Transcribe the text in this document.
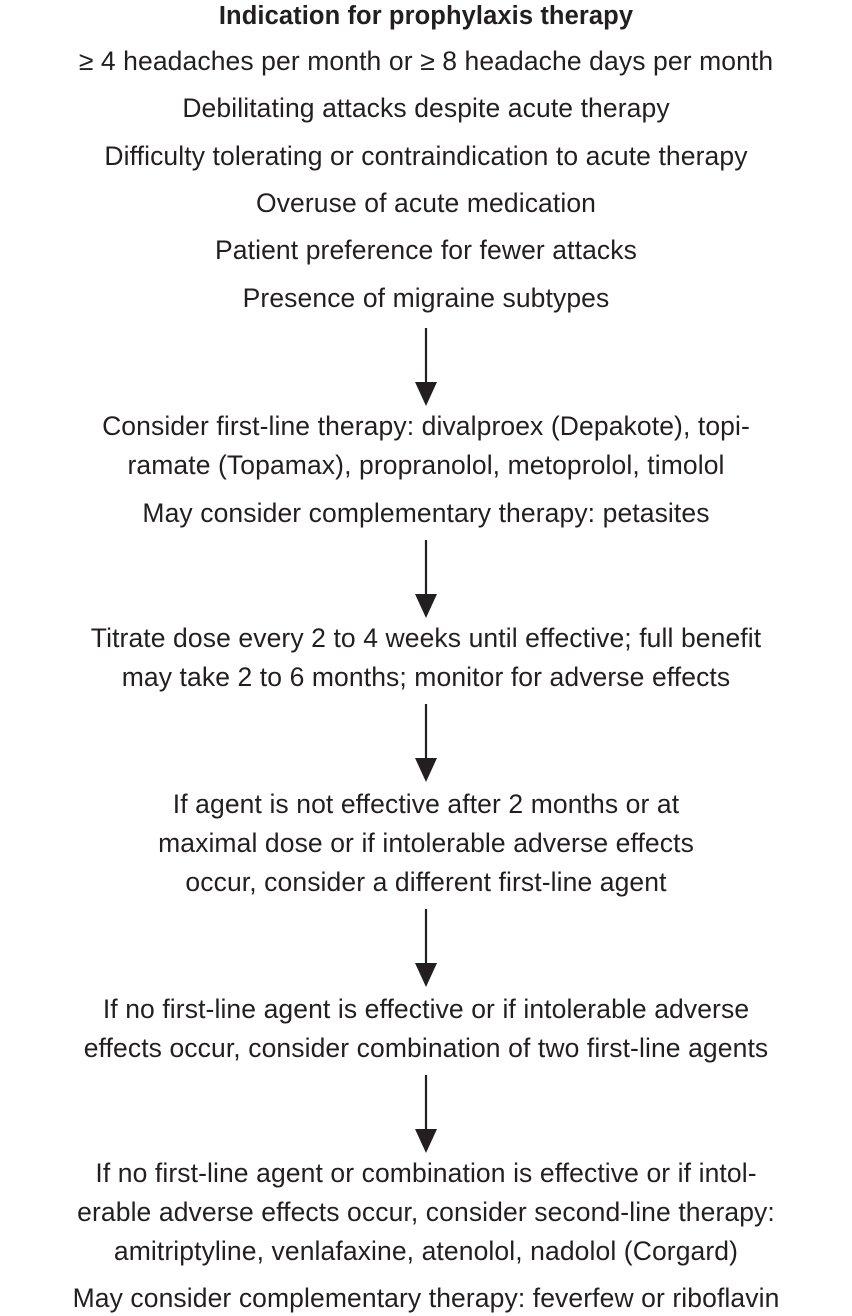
Indication for prophylaxis therapy
≥ 4 headaches per month or ≥ 8 headache days per month
Debilitating attacks despite acute therapy
Difficulty tolerating or contraindication to acute therapy
Overuse of acute medication
Patient preference for fewer attacks
Presence of migraine subtypes
Consider first-line therapy: divalproex (Depakote), topi-
ramate (Topamax), propranolol, metoprolol, timolol
May consider complementary therapy: petasites
Titrate dose every 2 to 4 weeks until effective; full benefit
may take 2 to 6 months; monitor for adverse effects
If agent is not effective after 2 months or at
maximal dose or if intolerable adverse effects
occur, consider a different first-line agent
If no first-line agent is effective or if intolerable adverse
effects occur, consider combination of two first-line agents
If no first-line agent or combination is effective or if intol-
erable adverse effects occur, consider second-line therapy:
amitriptyline, venlafaxine, atenolol, nadolol (Corgard)
May consider complementary therapy: feverfew or riboflavin
